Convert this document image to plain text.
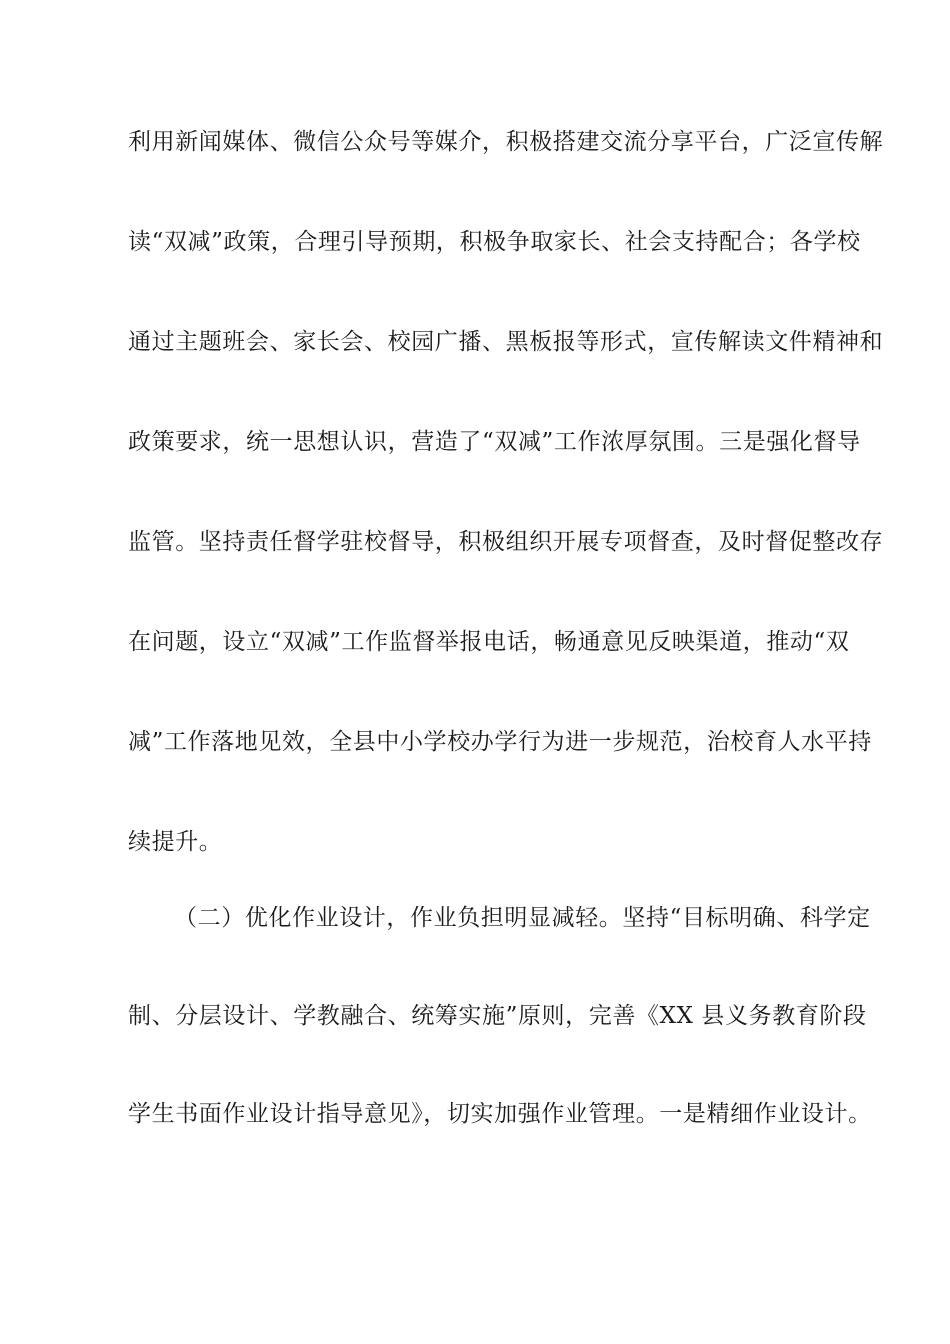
利用新闻媒体、微信公众号等媒介，积极搭建交流分享平台，广泛宣传解
读“双减”政策，合理引导预期，积极争取家长、社会支持配合；各学校
通过主题班会、家长会、校园广播、黑板报等形式，宣传解读文件精神和
政策要求，统一思想认识，营造了“双减”工作浓厚氛围。三是强化督导
监管。坚持责任督学驻校督导，积极组织开展专项督查，及时督促整改存
在问题，设立“双减”工作监督举报电话，畅通意见反映渠道，推动“双
减”工作落地见效，全县中小学校办学行为进一步规范，治校育人水平持
续提升。
（二）优化作业设计，作业负担明显减轻。坚持“目标明确、科学定
制、分层设计、学教融合、统筹实施”原则，完善《XX 县义务教育阶段
学生书面作业设计指导意见》，切实加强作业管理。一是精细作业设计。
